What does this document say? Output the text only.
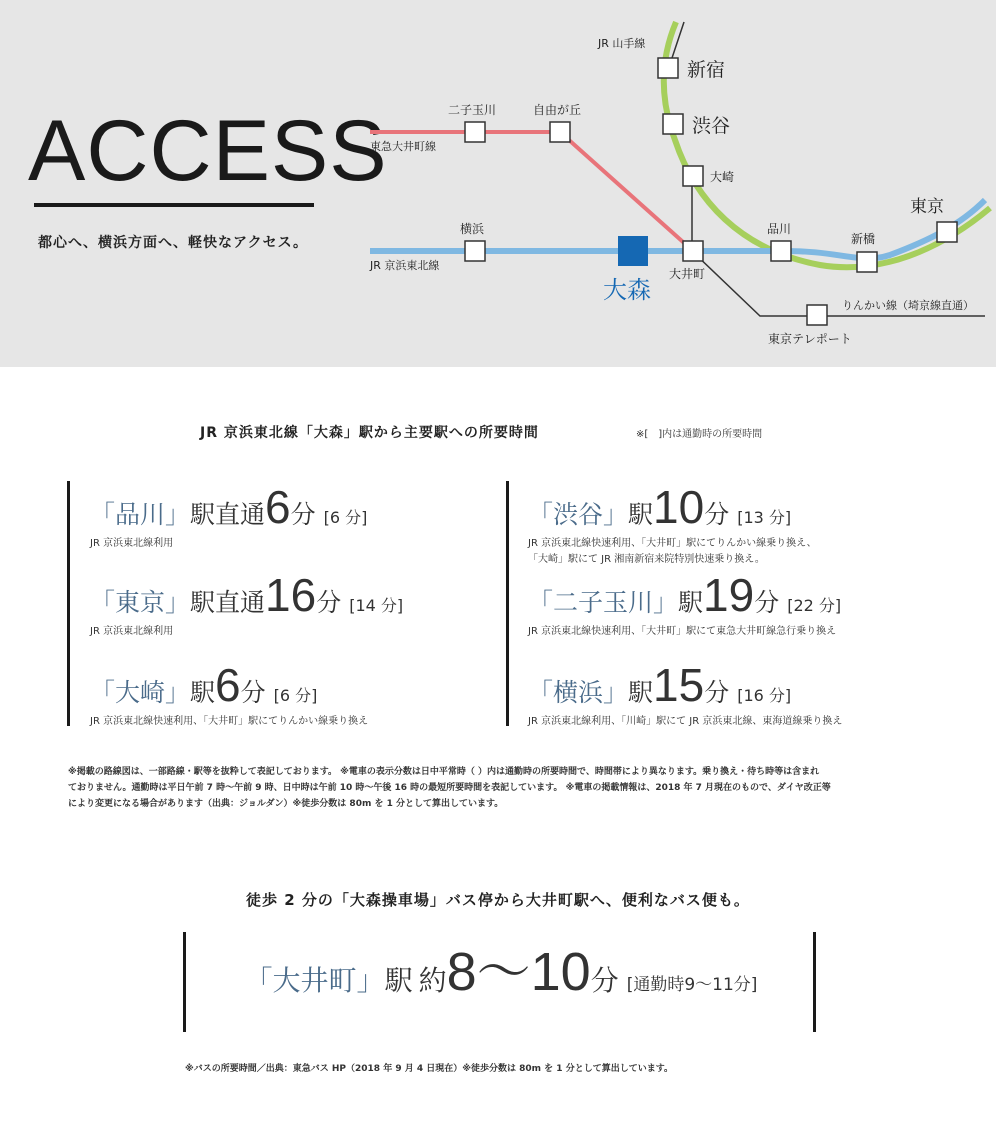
ACCESS
都心へ、横浜方面へ、軽快なアクセス。
JR 山手線
新宿
渋谷
大崎
二子玉川	自由が丘
東急大井町線
横浜
JR 京浜東北線
大森
大井町
品川
新橋
東京
りんかい線（埼京線直通）
東京テレポート
JR 京浜東北線「大森」駅から主要駅への所要時間	※[　]内は通勤時の所要時間
「品川」駅直通6分 [6 分]
JR 京浜東北線利用
「東京」駅直通16分 [14 分]
JR 京浜東北線利用
「大崎」駅6分 [6 分]
JR 京浜東北線快速利用、「大井町」駅にてりんかい線乗り換え
「渋谷」駅10分 [13 分]
JR 京浜東北線快速利用、「大井町」駅にてりんかい線乗り換え、
「大崎」駅にて JR 湘南新宿来院特別快速乗り換え。
「二子玉川」駅19分 [22 分]
JR 京浜東北線快速利用、「大井町」駅にて東急大井町線急行乗り換え
「横浜」駅15分 [16 分]
JR 京浜東北線利用、「川崎」駅にて JR 京浜東北線、東海道線乗り換え
※掲載の路線図は、一部路線・駅等を抜粋して表記しております。 ※電車の表示分数は日中平常時（ ）内は通勤時の所要時間で、時間帯により異なります。乗り換え・待ち時等は含まれ
ておりません。通勤時は平日午前 7 時〜午前 9 時、日中時は午前 10 時〜午後 16 時の最短所要時間を表記しています。 ※電車の掲載情報は、2018 年 7 月現在のもので、ダイヤ改正等
により変更になる場合があります（出典：ジョルダン）※徒歩分数は 80m を 1 分として算出しています。
徒歩 2 分の「大森操車場」バス停から大井町駅へ、便利なバス便も。
「大井町」駅 約8〜10分 [通勤時9〜11分]
※バスの所要時間／出典：東急バス HP（2018 年 9 月 4 日現在）※徒歩分数は 80m を 1 分として算出しています。
